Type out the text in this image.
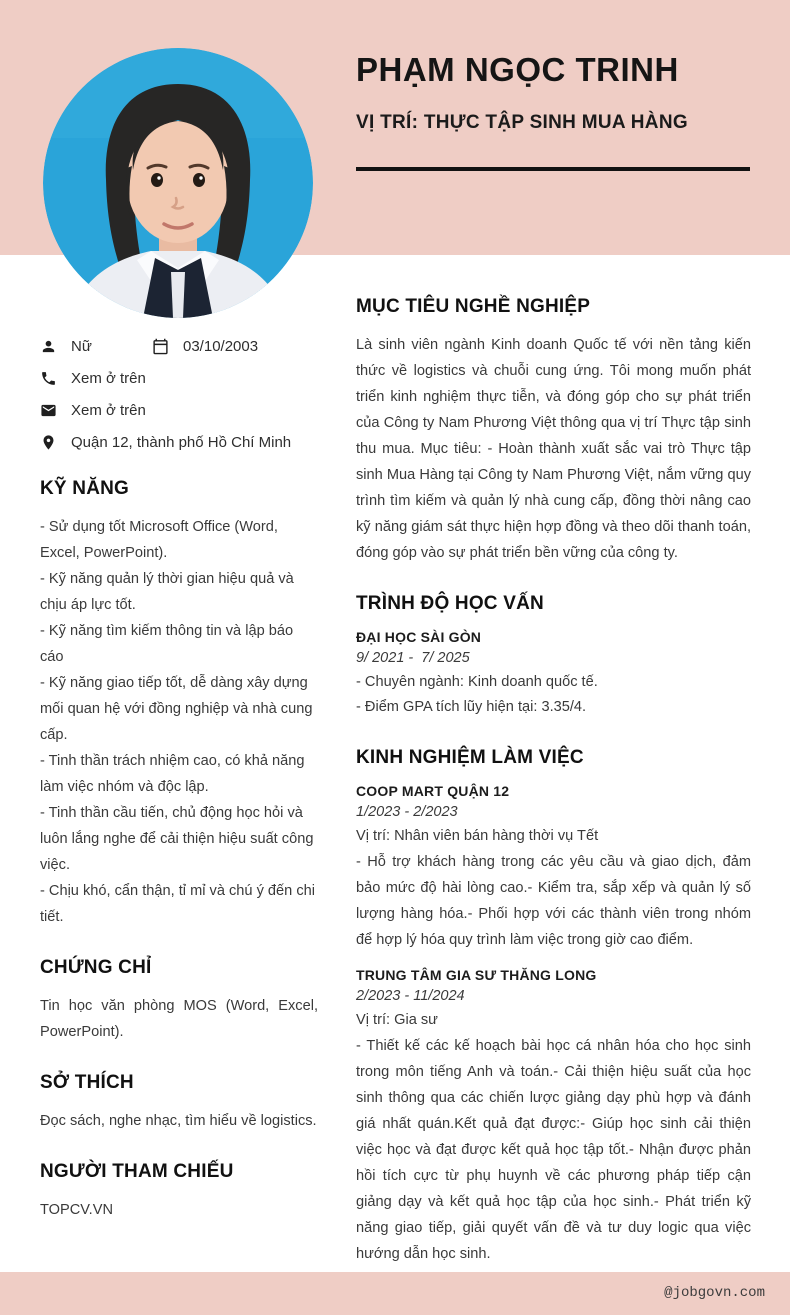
PHẠM NGỌC TRINH
VỊ TRÍ: THỰC TẬP SINH MUA HÀNG
Nữ	03/10/2003
Xem ở trên
Xem ở trên
Quận 12, thành phố Hồ Chí Minh
KỸ NĂNG
- Sử dụng tốt Microsoft Office (Word, Excel, PowerPoint).
- Kỹ năng quản lý thời gian hiệu quả và chịu áp lực tốt.
- Kỹ năng tìm kiếm thông tin và lập báo cáo
- Kỹ năng giao tiếp tốt, dễ dàng xây dựng mối quan hệ với đồng nghiệp và nhà cung cấp.
- Tinh thần trách nhiệm cao, có khả năng làm việc nhóm và độc lập.
- Tinh thần cầu tiến, chủ động học hỏi và luôn lắng nghe để cải thiện hiệu suất công việc.
- Chịu khó, cẩn thận, tỉ mỉ và chú ý đến chi tiết.
CHỨNG CHỈ
Tin học văn phòng MOS (Word, Excel, PowerPoint).
SỞ THÍCH
Đọc sách, nghe nhạc, tìm hiểu về logistics.
NGƯỜI THAM CHIẾU
TOPCV.VN
MỤC TIÊU NGHỀ NGHIỆP
Là sinh viên ngành Kinh doanh Quốc tế với nền tảng kiến thức về logistics và chuỗi cung ứng. Tôi mong muốn phát triển kinh nghiệm thực tiễn, và đóng góp cho sự phát triển của Công ty Nam Phương Việt thông qua vị trí Thực tập sinh thu mua. Mục tiêu: - Hoàn thành xuất sắc vai trò Thực tập sinh Mua Hàng tại Công ty Nam Phương Việt, nắm vững quy trình tìm kiếm và quản lý nhà cung cấp, đồng thời nâng cao kỹ năng giám sát thực hiện hợp đồng và theo dõi thanh toán, đóng góp vào sự phát triển bền vững của công ty.
TRÌNH ĐỘ HỌC VẤN
ĐẠI HỌC SÀI GÒN
9/ 2021 -  7/ 2025
- Chuyên ngành: Kinh doanh quốc tế.
- Điểm GPA tích lũy hiện tại: 3.35/4.
KINH NGHIỆM LÀM VIỆC
COOP MART QUẬN 12
1/2023 - 2/2023
Vị trí: Nhân viên bán hàng thời vụ Tết
- Hỗ trợ khách hàng trong các yêu cầu và giao dịch, đảm bảo mức độ hài lòng cao.- Kiểm tra, sắp xếp và quản lý số lượng hàng hóa.- Phối hợp với các thành viên trong nhóm để hợp lý hóa quy trình làm việc trong giờ cao điểm.
TRUNG TÂM GIA SƯ THĂNG LONG
2/2023 - 11/2024
Vị trí: Gia sư
- Thiết kế các kế hoạch bài học cá nhân hóa cho học sinh trong môn tiếng Anh và toán.- Cải thiện hiệu suất của học sinh thông qua các chiến lược giảng dạy phù hợp và đánh giá nhất quán.Kết quả đạt được:- Giúp học sinh cải thiện việc học và đạt được kết quả học tập tốt.- Nhận được phản hồi tích cực từ phụ huynh về các phương pháp tiếp cận giảng dạy và kết quả học tập của học sinh.- Phát triển kỹ năng giao tiếp, giải quyết vấn đề và tư duy logic qua việc hướng dẫn học sinh.
@jobgovn.com
